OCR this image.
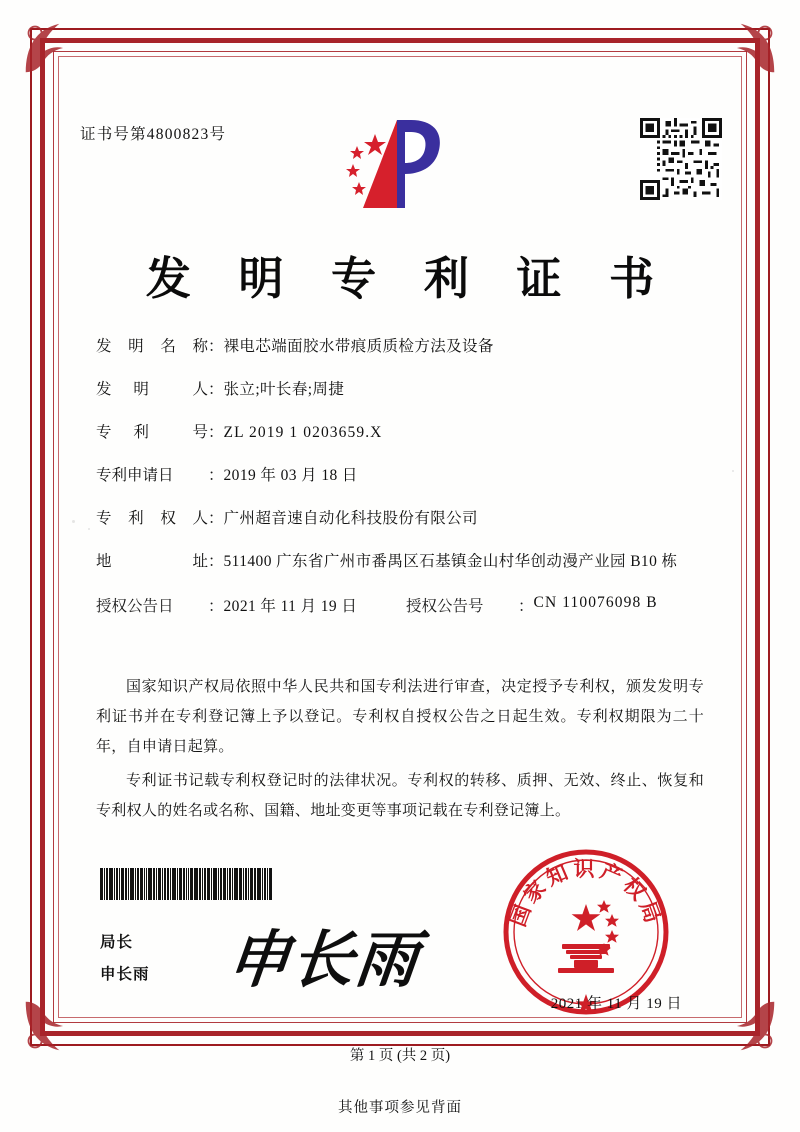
证书号第4800823号
发 明 专 利 证 书
发 明 名 称 ： 裸电芯端面胶水带痕质质检方法及设备
发 明	人 ： 张立;叶长春;周捷
专 利	号 ： ZL 2019 1 0203659.X
专利申请日 ： 2019 年 03 月 18 日
专 利 权 人 ： 广州超音速自动化科技股份有限公司
地	址 ： 511400 广东省广州市番禺区石基镇金山村华创动漫产业园 B10 栋
授权公告日	： 2021 年 11 月 19 日	授权公告号	： CN 110076098 B

国家知识产权局依照中华人民共和国专利法进行审查，决定授予专利权，颁发发明专利证书并在专利登记簿上予以登记。专利权自授权公告之日起生效。专利权期限为二十年，自申请日起算。

专利证书记载专利权登记时的法律状况。专利权的转移、质押、无效、终止、恢复和专利权人的姓名或名称、国籍、地址变更等事项记载在专利登记簿上。

局长
申长雨 申长雨
国家知识产权局
2021 年 11 月 19 日
第 1 页 (共 2 页)
其他事项参见背面
